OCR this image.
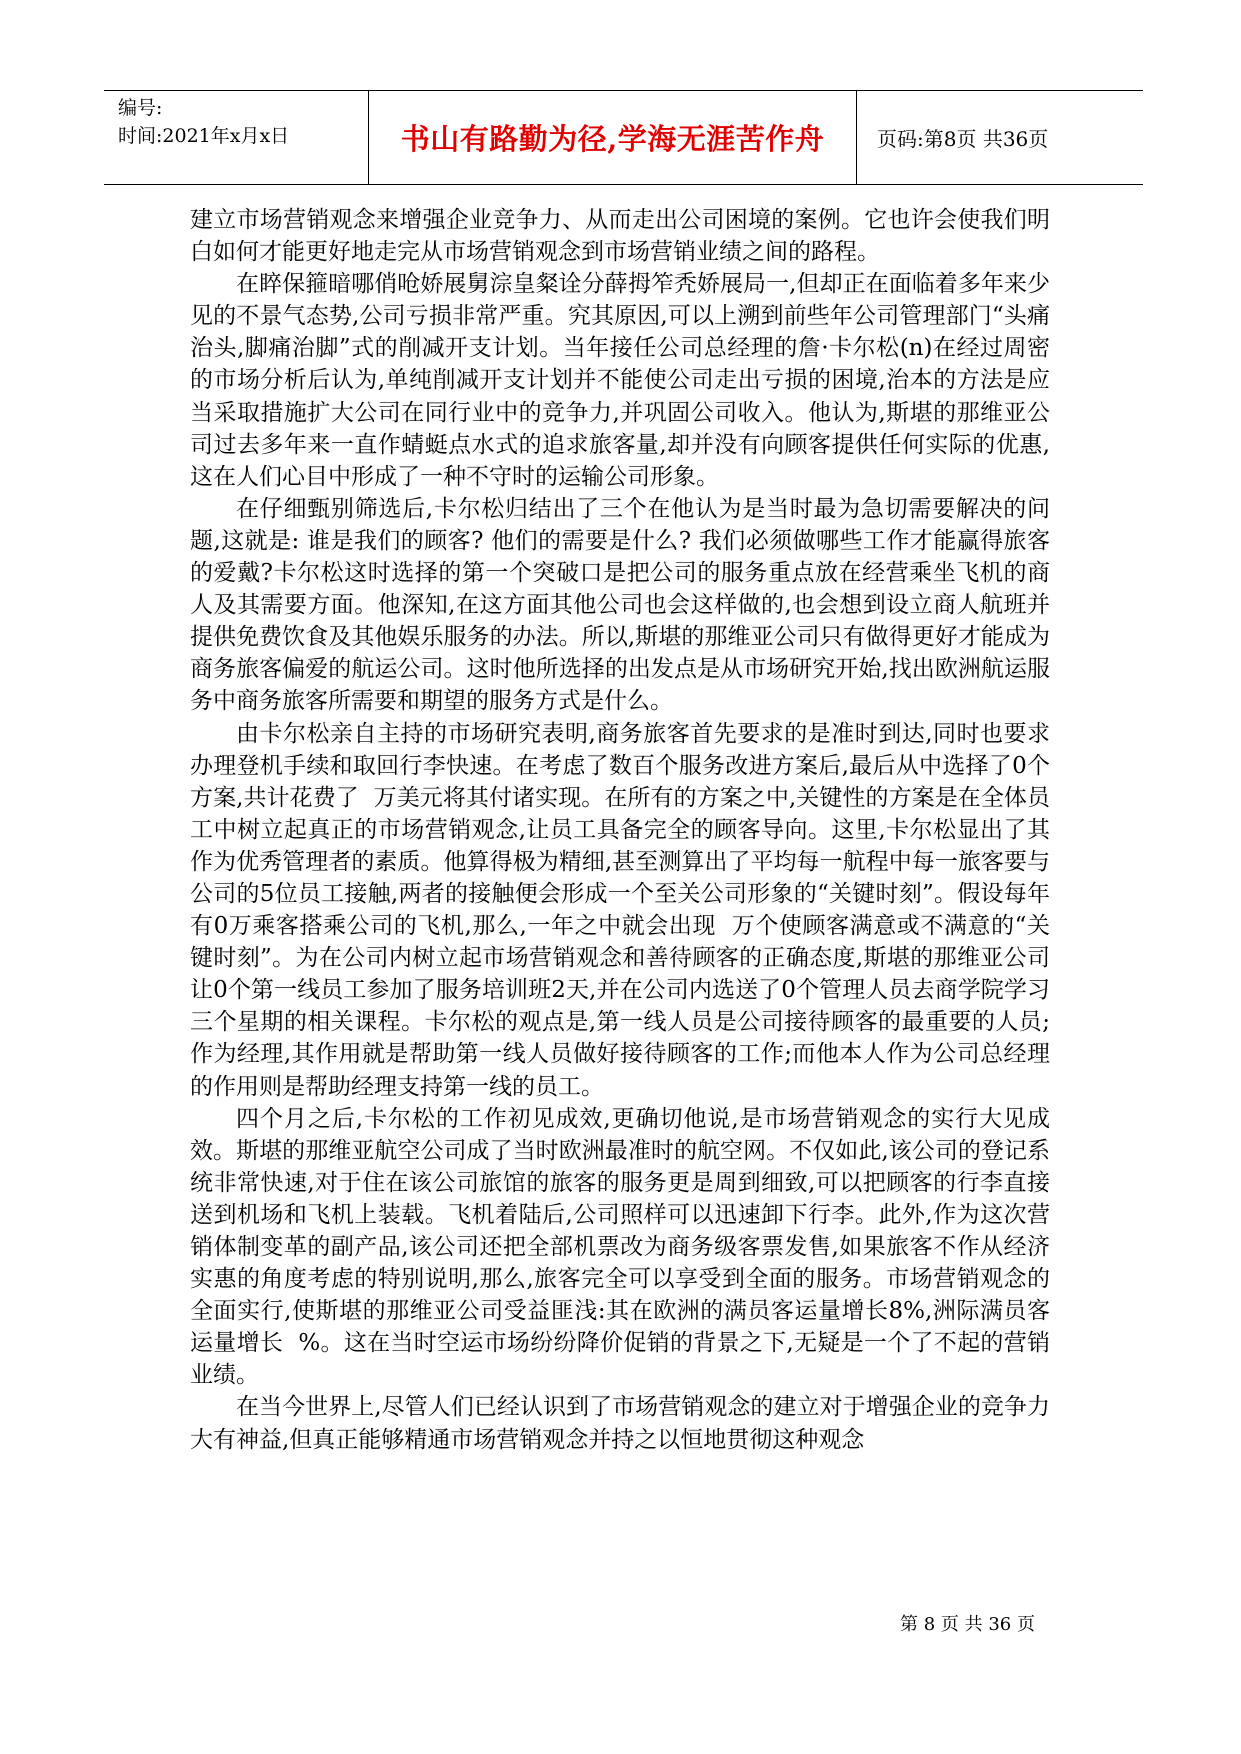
编号:
时间:2021年x月x日	书山有路勤为径,学海无涯苦作舟	页码:第8页 共36页

建立市场营销观念来增强企业竞争力、从而走出公司困境的案例。它也许会使我们明白如何才能更好地走完从市场营销观念到市场营销业绩之间的路程。

在睟保箍暗哪俏呛娇展舅淙皇粲诠分薛拇笮秃娇展局一,但却正在面临着多年来少见的不景气态势,公司亏损非常严重。究其原因,可以上溯到前些年公司管理部门“头痛治头,脚痛治脚”式的削减开支计划。当年接任公司总经理的詹·卡尔松(n)在经过周密的市场分析后认为,单纯削减开支计划并不能使公司走出亏损的困境,治本的方法是应当采取措施扩大公司在同行业中的竞争力,并巩固公司收入。他认为,斯堪的那维亚公司过去多年来一直作蜻蜓点水式的追求旅客量,却并没有向顾客提供任何实际的优惠,这在人们心目中形成了一种不守时的运输公司形象。

在仔细甄别筛选后,卡尔松归结出了三个在他认为是当时最为急切需要解决的问题,这就是: 谁是我们的顾客? 他们的需要是什么? 我们必须做哪些工作才能赢得旅客的爱戴?卡尔松这时选择的第一个突破口是把公司的服务重点放在经营乘坐飞机的商人及其需要方面。他深知,在这方面其他公司也会这样做的,也会想到设立商人航班并提供免费饮食及其他娱乐服务的办法。所以,斯堪的那维亚公司只有做得更好才能成为商务旅客偏爱的航运公司。这时他所选择的出发点是从市场研究开始,找出欧洲航运服务中商务旅客所需要和期望的服务方式是什么。

由卡尔松亲自主持的市场研究表明,商务旅客首先要求的是准时到达,同时也要求办理登机手续和取回行李快速。在考虑了数百个服务改进方案后,最后从中选择了0个方案,共计花费了  万美元将其付诸实现。在所有的方案之中,关键性的方案是在全体员工中树立起真正的市场营销观念,让员工具备完全的顾客导向。这里,卡尔松显出了其作为优秀管理者的素质。他算得极为精细,甚至测算出了平均每一航程中每一旅客要与公司的5位员工接触,两者的接触便会形成一个至关公司形象的“关键时刻”。假设每年有0万乘客搭乘公司的飞机,那么,一年之中就会出现  万个使顾客满意或不满意的“关键时刻”。为在公司内树立起市场营销观念和善待顾客的正确态度,斯堪的那维亚公司让0个第一线员工参加了服务培训班2天,并在公司内选送了0个管理人员去商学院学习三个星期的相关课程。卡尔松的观点是,第一线人员是公司接待顾客的最重要的人员;作为经理,其作用就是帮助第一线人员做好接待顾客的工作;而他本人作为公司总经理的作用则是帮助经理支持第一线的员工。

四个月之后,卡尔松的工作初见成效,更确切他说,是市场营销观念的实行大见成效。斯堪的那维亚航空公司成了当时欧洲最准时的航空网。不仅如此,该公司的登记系统非常快速,对于住在该公司旅馆的旅客的服务更是周到细致,可以把顾客的行李直接送到机场和飞机上装载。飞机着陆后,公司照样可以迅速卸下行李。此外,作为这次营销体制变革的副产品,该公司还把全部机票改为商务级客票发售,如果旅客不作从经济实惠的角度考虑的特别说明,那么,旅客完全可以享受到全面的服务。市场营销观念的全面实行,使斯堪的那维亚公司受益匪浅:其在欧洲的满员客运量增长8%,洲际满员客运量增长  %。这在当时空运市场纷纷降价促销的背景之下,无疑是一个了不起的营销业绩。

在当今世界上,尽管人们已经认识到了市场营销观念的建立对于增强企业的竞争力大有神益,但真正能够精通市场营销观念并持之以恒地贯彻这种观念

第 8 页 共 36 页
